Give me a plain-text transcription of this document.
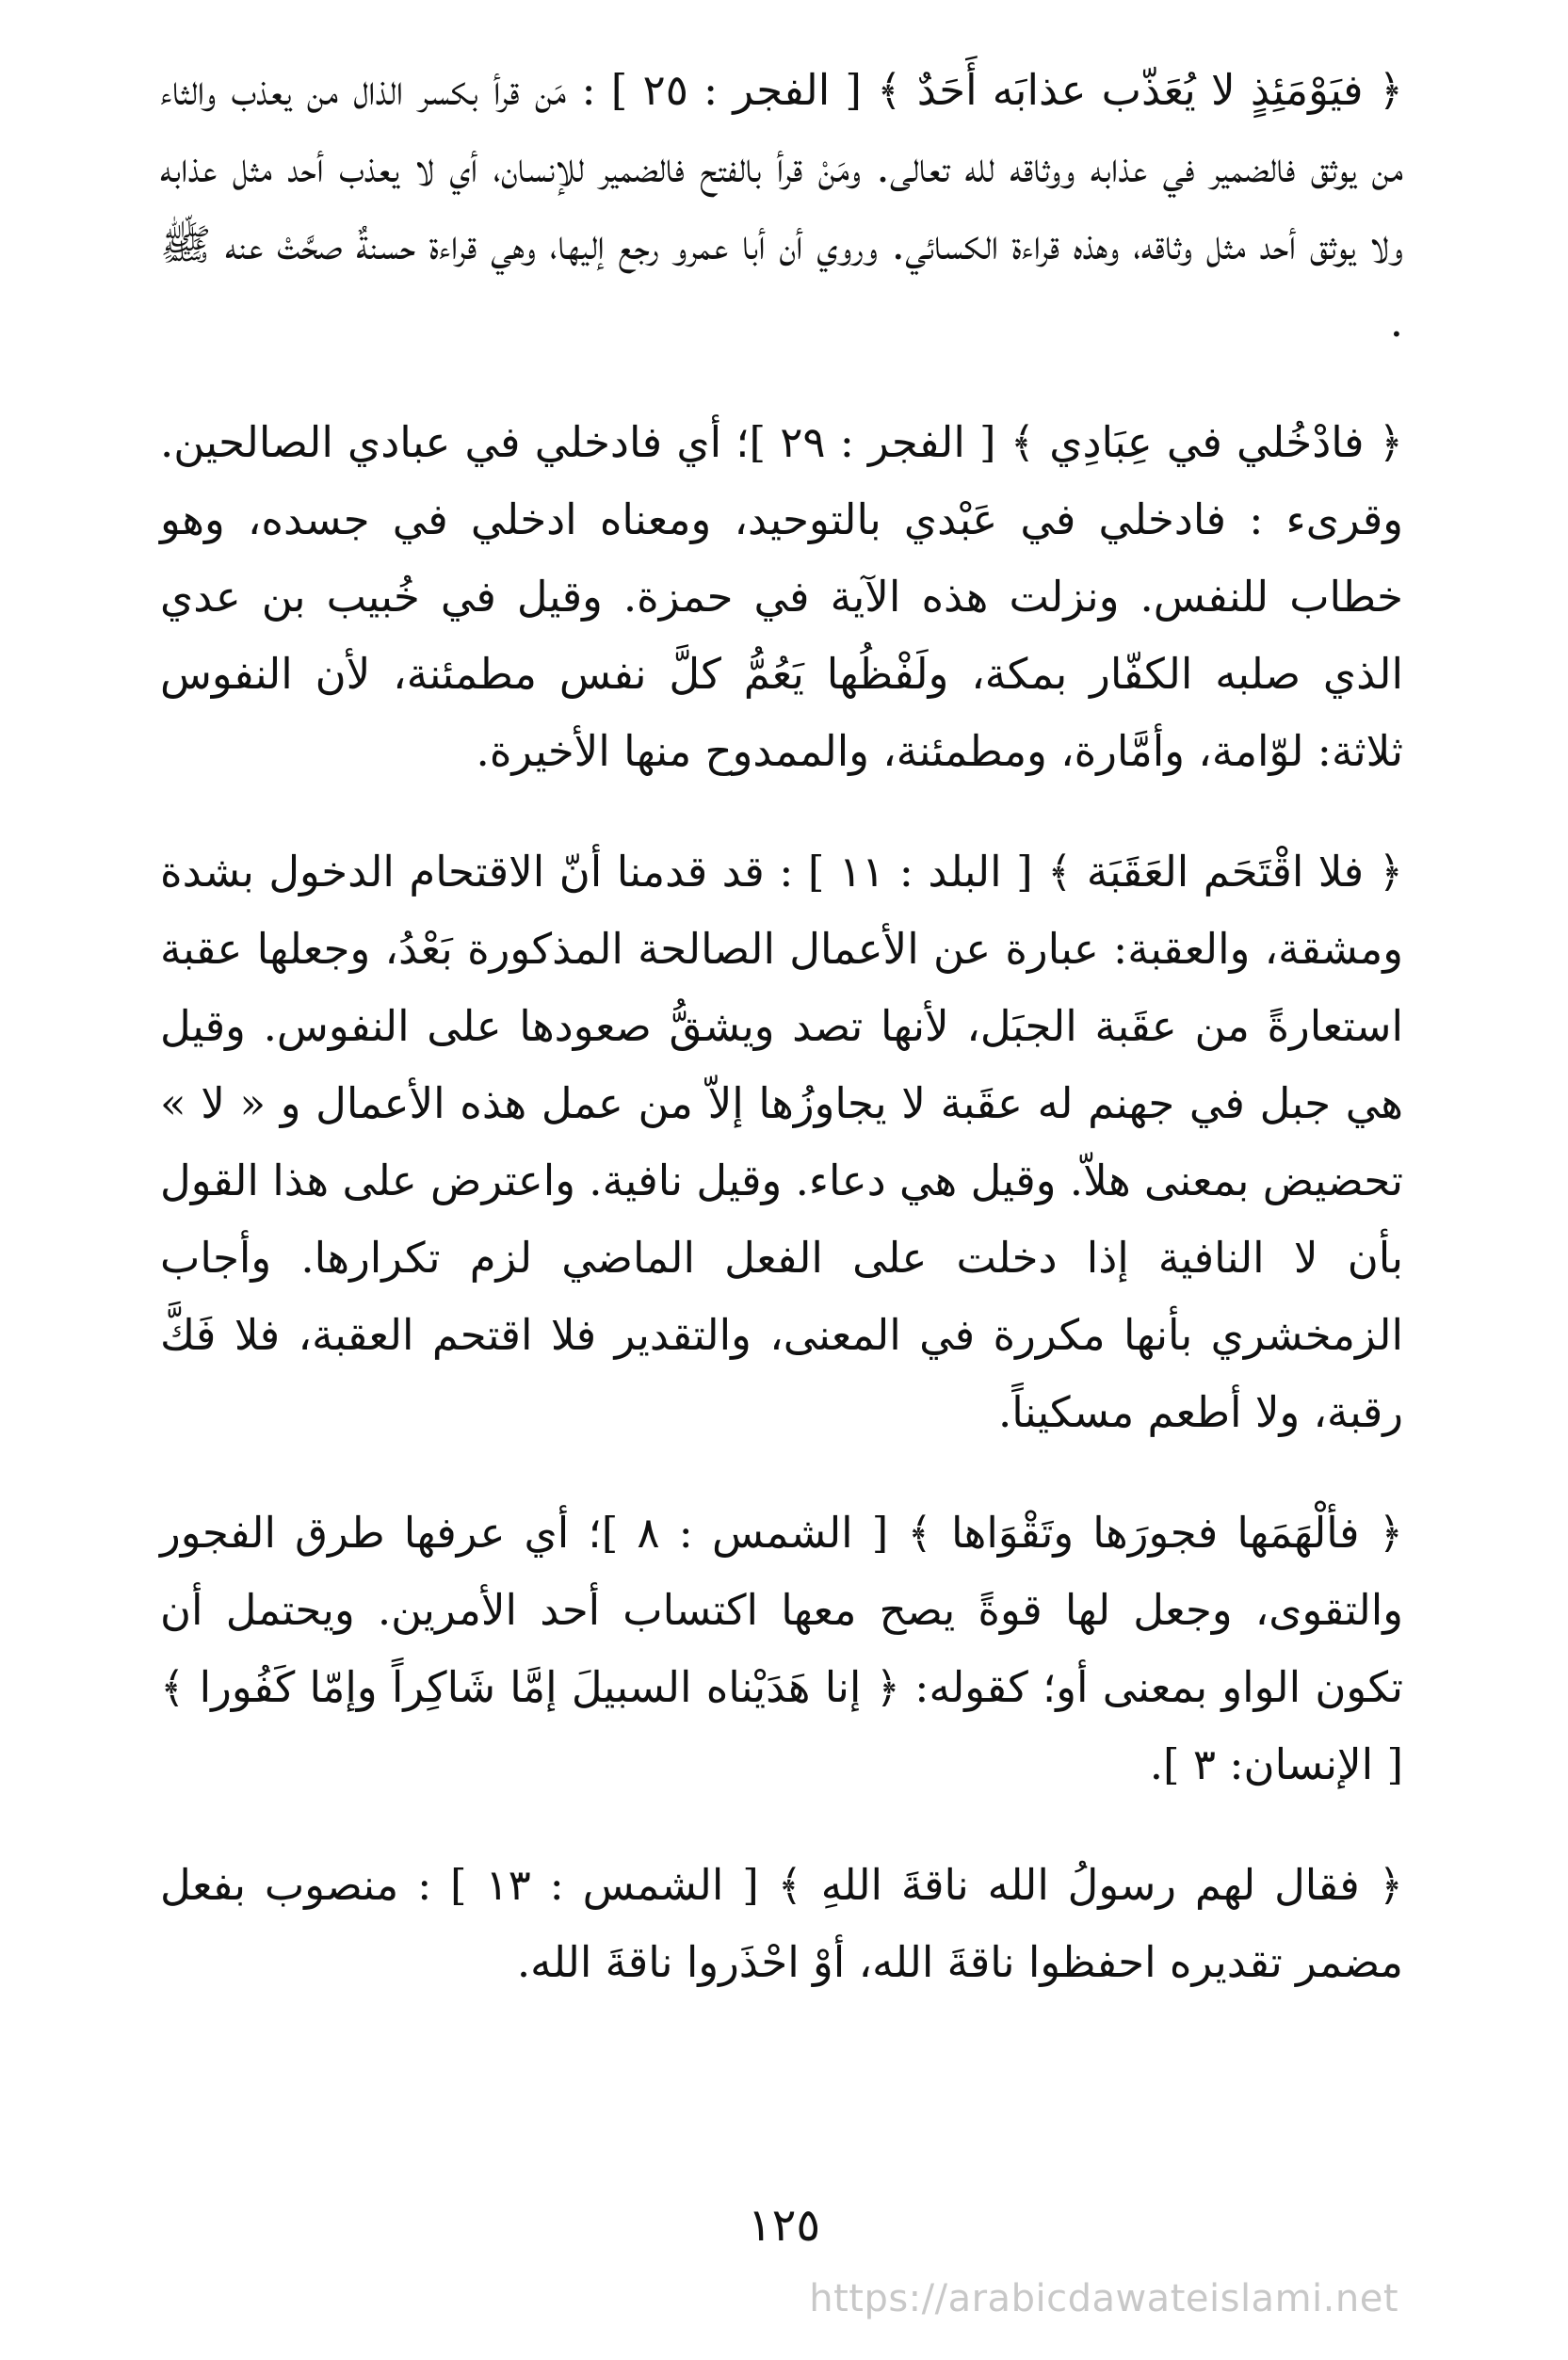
﴿ فيَوْمَئِذٍ لا يُعَذّب عذابَه أَحَدٌ ﴾ [ الفجر : ٢٥ ] : مَن قرأ بكسر الذال من يعذب والثاء من يوثق فالضمير في عذابه ووثاقه لله تعالى. ومَنْ قرأ بالفتح فالضمير للإنسان، أي لا يعذب أحد مثل عذابه ولا يوثق أحد مثل وثاقه، وهذه قراءة الكسائي. وروي أن أبا عمرو رجع إليها، وهي قراءة حسنةٌ صحَّتْ عنه ﷺ .

﴿ فادْخُلي في عِبَادِي ﴾ [ الفجر : ٢٩ ]؛ أي فادخلي في عبادي الصالحين. وقرىء : فادخلي في عَبْدي بالتوحيد، ومعناه ادخلي في جسده، وهو خطاب للنفس. ونزلت هذه الآية في حمزة. وقيل في خُبيب بن عدي الذي صلبه الكفّار بمكة، ولَفْظُها يَعُمُّ كلَّ نفس مطمئنة، لأن النفوس ثلاثة: لوّامة، وأمَّارة، ومطمئنة، والممدوح منها الأخيرة.

﴿ فلا اقْتَحَم العَقَبَة ﴾ [ البلد : ١١ ] : قد قدمنا أنّ الاقتحام الدخول بشدة ومشقة، والعقبة: عبارة عن الأعمال الصالحة المذكورة بَعْدُ، وجعلها عقبة استعارةً من عقَبة الجبَل، لأنها تصد ويشقُّ صعودها على النفوس. وقيل هي جبل في جهنم له عقَبة لا يجاوزُها إلاّ من عمل هذه الأعمال و « لا » تحضيض بمعنى هلاّ. وقيل هي دعاء. وقيل نافية. واعترض على هذا القول بأن لا النافية إذا دخلت على الفعل الماضي لزم تكرارها. وأجاب الزمخشري بأنها مكررة في المعنى، والتقدير فلا اقتحم العقبة، فلا فَكَّ رقبة، ولا أطعم مسكيناً.

﴿ فألْهَمَها فجورَها وتَقْوَاها ﴾ [ الشمس : ٨ ]؛ أي عرفها طرق الفجور والتقوى، وجعل لها قوةً يصح معها اكتساب أحد الأمرين. ويحتمل أن تكون الواو بمعنى أو؛ كقوله: ﴿ إنا هَدَيْناه السبيلَ إمَّا شَاكِراً وإمّا كَفُورا ﴾ [ الإنسان: ٣ ].

﴿ فقال لهم رسولُ الله ناقةَ اللهِ ﴾ [ الشمس : ١٣ ] : منصوب بفعل مضمر تقديره احفظوا ناقةَ الله، أوْ احْذَروا ناقةَ الله.

١٢٥
https://arabicdawateislami.net
